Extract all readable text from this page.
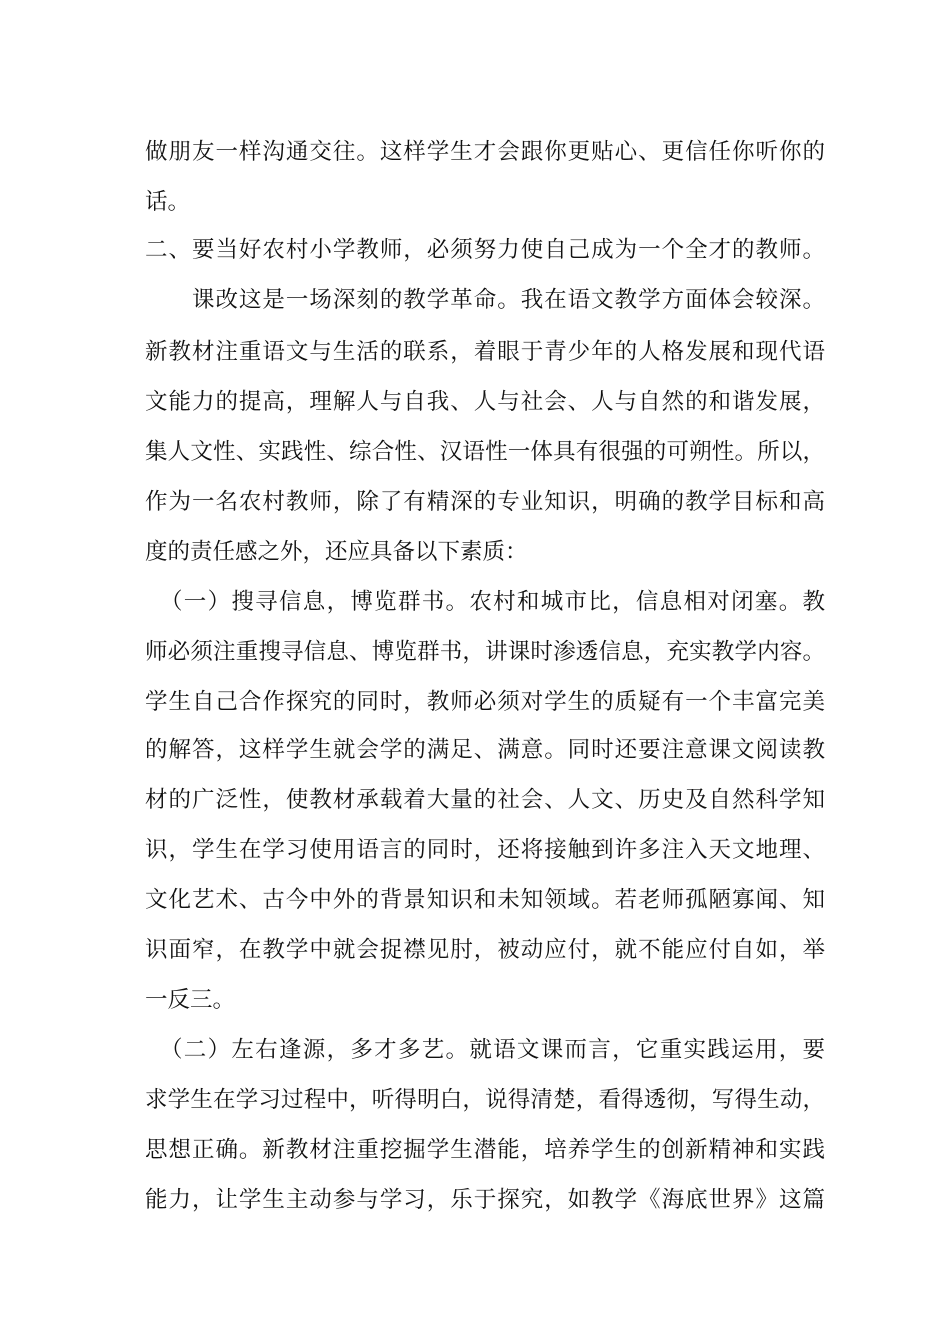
做朋友一样沟通交往。这样学生才会跟你更贴心、更信任你听你的
话。
二、要当好农村小学教师，必须努力使自己成为一个全才的教师。
　　课改这是一场深刻的教学革命。我在语文教学方面体会较深。
新教材注重语文与生活的联系，着眼于青少年的人格发展和现代语
文能力的提高，理解人与自我、人与社会、人与自然的和谐发展，
集人文性、实践性、综合性、汉语性一体具有很强的可朔性。所以，
作为一名农村教师，除了有精深的专业知识，明确的教学目标和高
度的责任感之外，还应具备以下素质：
（一）搜寻信息，博览群书。农村和城市比，信息相对闭塞。教
师必须注重搜寻信息、博览群书，讲课时渗透信息，充实教学内容。
学生自己合作探究的同时，教师必须对学生的质疑有一个丰富完美
的解答，这样学生就会学的满足、满意。同时还要注意课文阅读教
材的广泛性，使教材承载着大量的社会、人文、历史及自然科学知
识，学生在学习使用语言的同时，还将接触到许多注入天文地理、
文化艺术、古今中外的背景知识和未知领域。若老师孤陋寡闻、知
识面窄，在教学中就会捉襟见肘，被动应付，就不能应付自如，举
一反三。
（二）左右逢源，多才多艺。就语文课而言，它重实践运用，要
求学生在学习过程中，听得明白，说得清楚，看得透彻，写得生动，
思想正确。新教材注重挖掘学生潜能，培养学生的创新精神和实践
能力，让学生主动参与学习，乐于探究，如教学《海底世界》这篇
